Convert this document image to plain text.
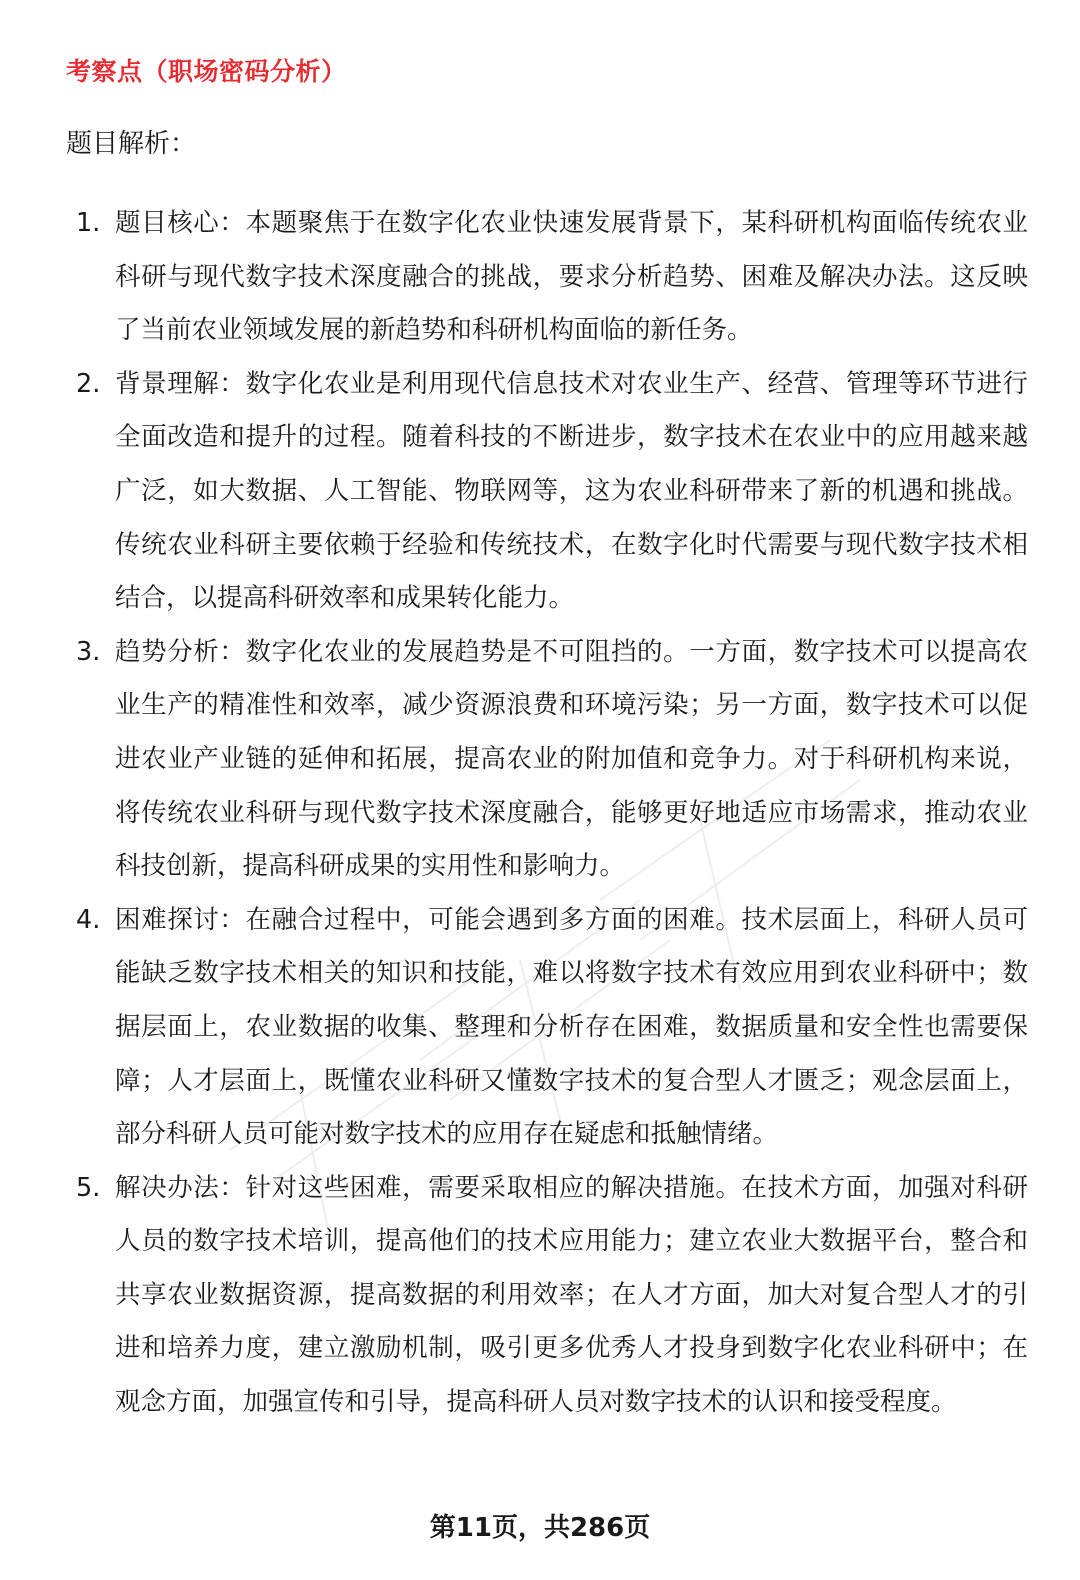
考察点（职场密码分析）

题目解析：

1. 题目核心：本题聚焦于在数字化农业快速发展背景下，某科研机构面临传统农业科研与现代数字技术深度融合的挑战，要求分析趋势、困难及解决办法。这反映了当前农业领域发展的新趋势和科研机构面临的新任务。
2. 背景理解：数字化农业是利用现代信息技术对农业生产、经营、管理等环节进行全面改造和提升的过程。随着科技的不断进步，数字技术在农业中的应用越来越广泛，如大数据、人工智能、物联网等，这为农业科研带来了新的机遇和挑战。传统农业科研主要依赖于经验和传统技术，在数字化时代需要与现代数字技术相结合，以提高科研效率和成果转化能力。
3. 趋势分析：数字化农业的发展趋势是不可阻挡的。一方面，数字技术可以提高农业生产的精准性和效率，减少资源浪费和环境污染；另一方面，数字技术可以促进农业产业链的延伸和拓展，提高农业的附加值和竞争力。对于科研机构来说，将传统农业科研与现代数字技术深度融合，能够更好地适应市场需求，推动农业科技创新，提高科研成果的实用性和影响力。
4. 困难探讨：在融合过程中，可能会遇到多方面的困难。技术层面上，科研人员可能缺乏数字技术相关的知识和技能，难以将数字技术有效应用到农业科研中；数据层面上，农业数据的收集、整理和分析存在困难，数据质量和安全性也需要保障；人才层面上，既懂农业科研又懂数字技术的复合型人才匮乏；观念层面上，部分科研人员可能对数字技术的应用存在疑虑和抵触情绪。
5. 解决办法：针对这些困难，需要采取相应的解决措施。在技术方面，加强对科研人员的数字技术培训，提高他们的技术应用能力；建立农业大数据平台，整合和共享农业数据资源，提高数据的利用效率；在人才方面，加大对复合型人才的引进和培养力度，建立激励机制，吸引更多优秀人才投身到数字化农业科研中；在观念方面，加强宣传和引导，提高科研人员对数字技术的认识和接受程度。
第11页，共286页
